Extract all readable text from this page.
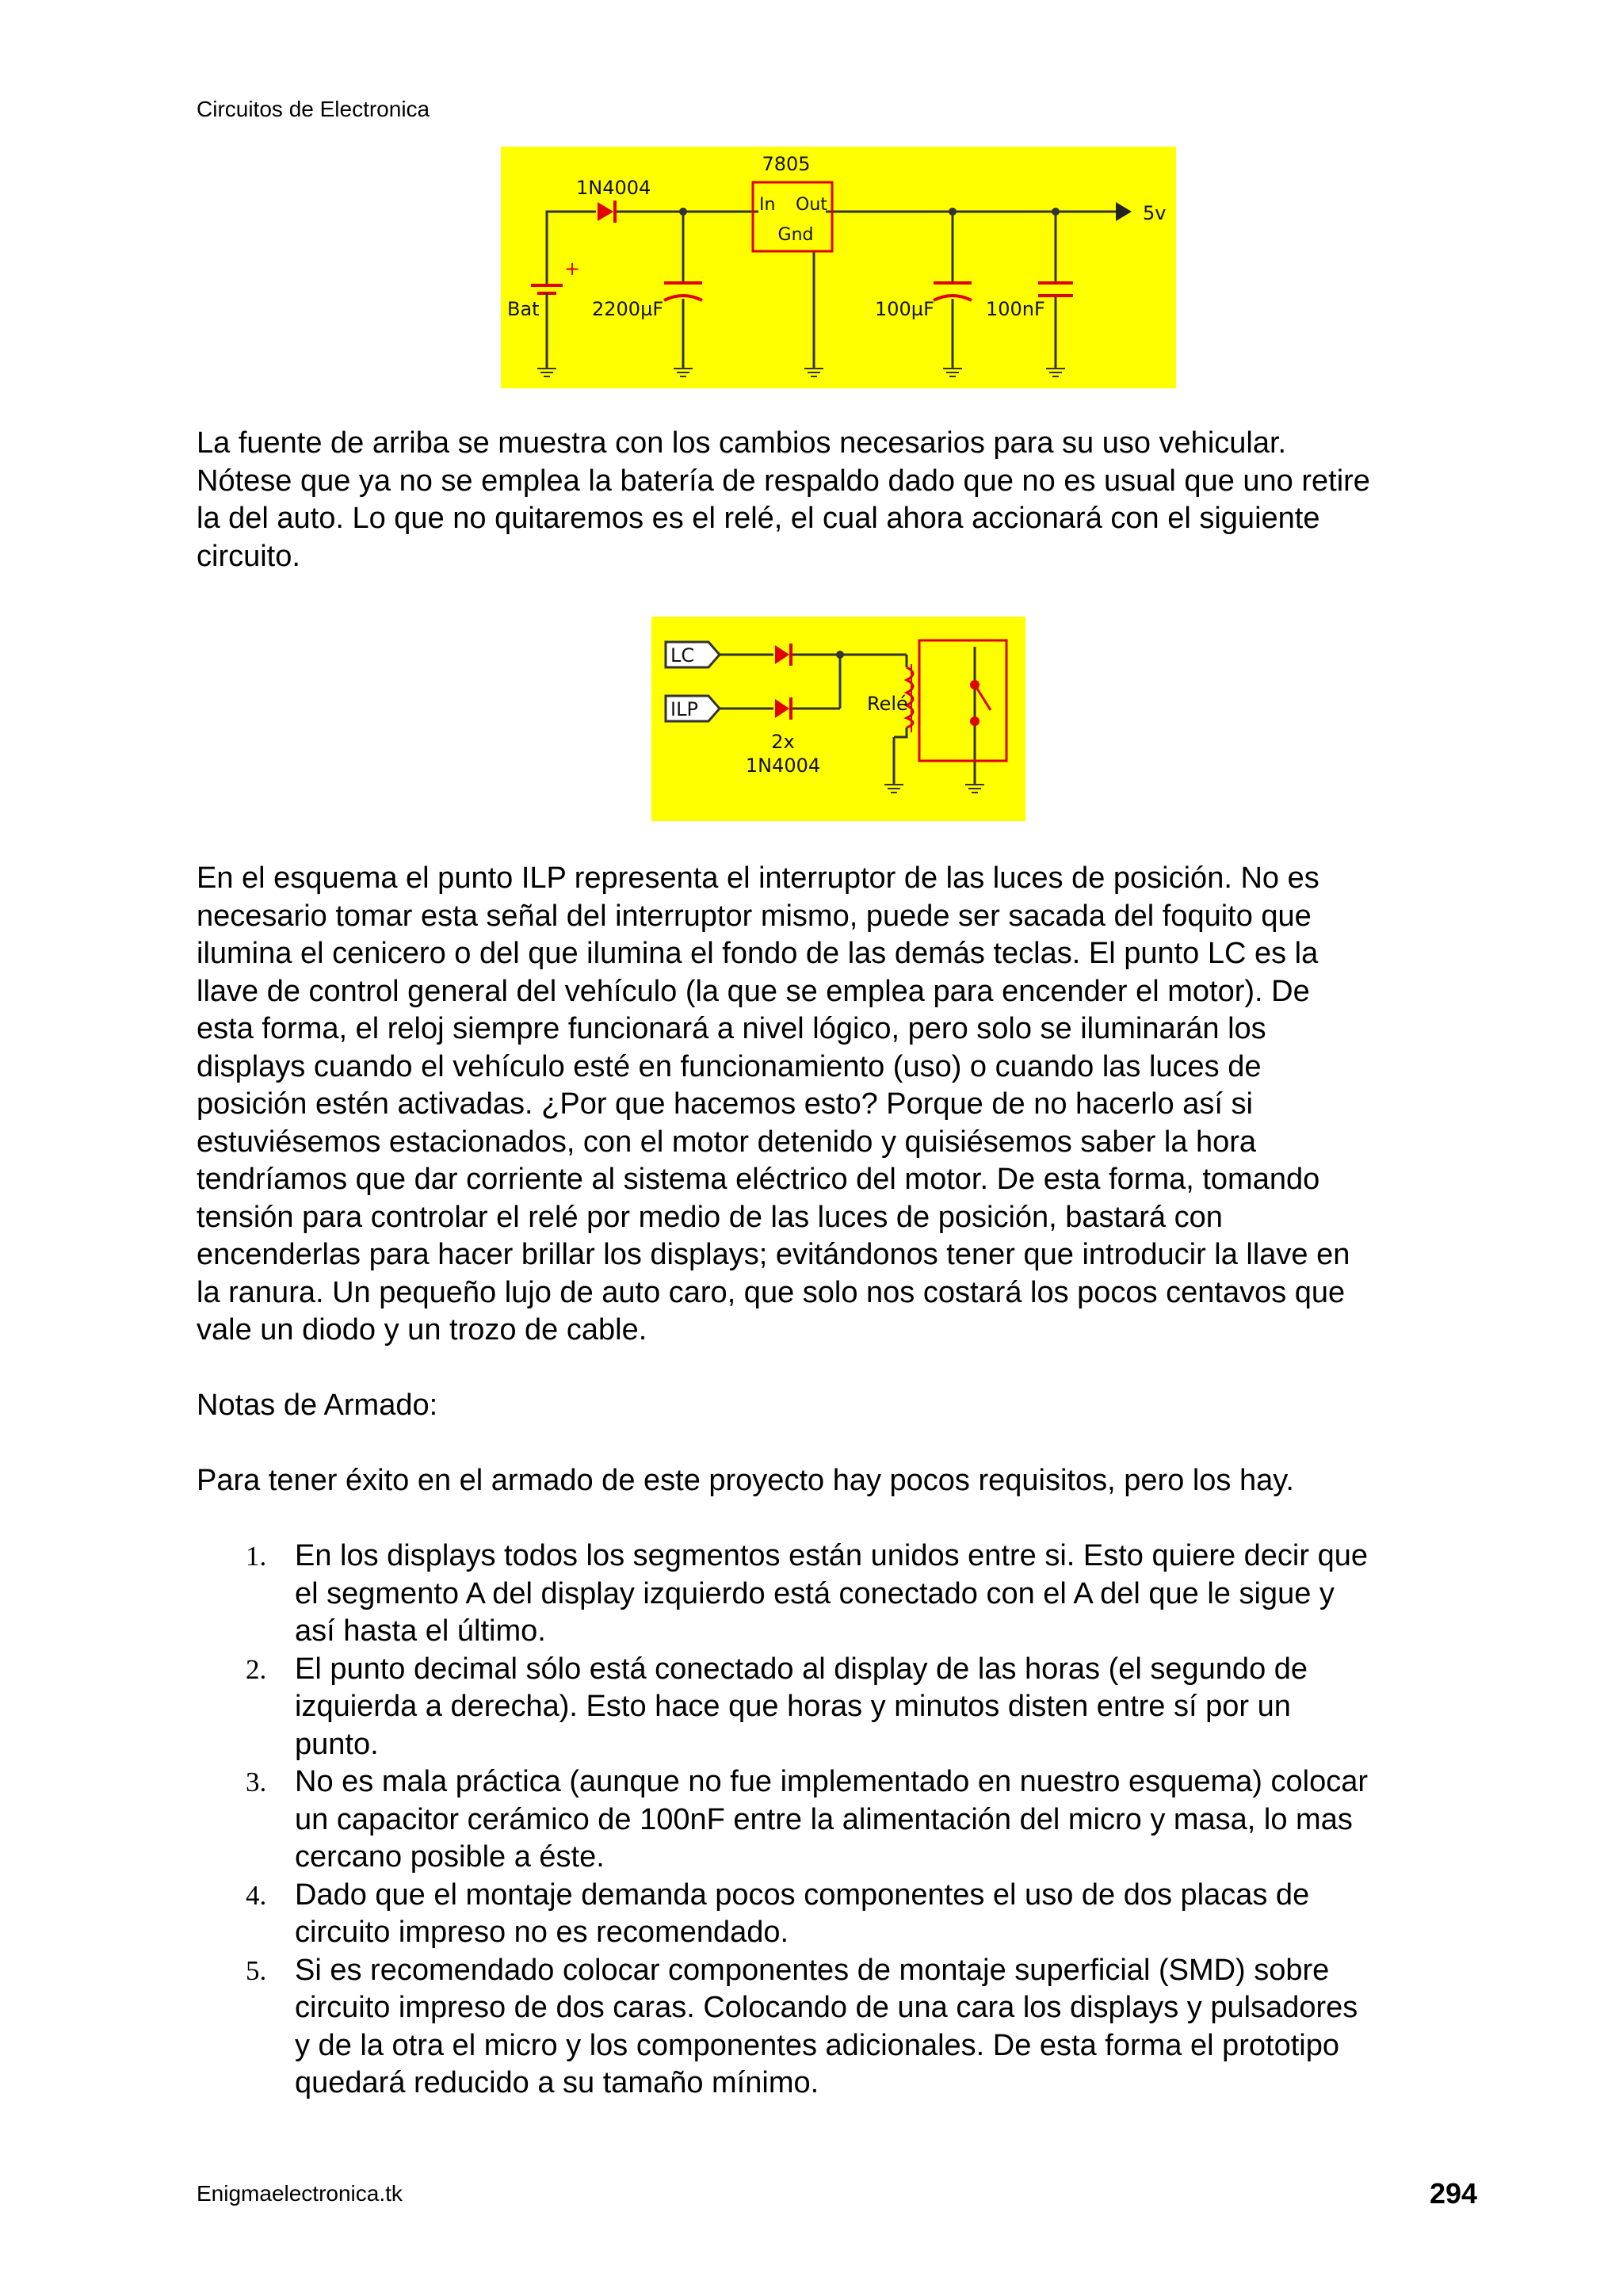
Circuitos de Electronica
7805
1N4004
In Out
Gnd
Bat
+
2200µF	100µF	100nF
5v
La fuente de arriba se muestra con los cambios necesarios para su uso vehicular.
Nótese que ya no se emplea la batería de respaldo dado que no es usual que uno retire
la del auto. Lo que no quitaremos es el relé, el cual ahora accionará con el siguiente
circuito.
LC
ILP	Relé
2x
1N4004
En el esquema el punto ILP representa el interruptor de las luces de posición. No es
necesario tomar esta señal del interruptor mismo, puede ser sacada del foquito que
ilumina el cenicero o del que ilumina el fondo de las demás teclas. El punto LC es la
llave de control general del vehículo (la que se emplea para encender el motor). De
esta forma, el reloj siempre funcionará a nivel lógico, pero solo se iluminarán los
displays cuando el vehículo esté en funcionamiento (uso) o cuando las luces de
posición estén activadas. ¿Por que hacemos esto? Porque de no hacerlo así si
estuviésemos estacionados, con el motor detenido y quisiésemos saber la hora
tendríamos que dar corriente al sistema eléctrico del motor. De esta forma, tomando
tensión para controlar el relé por medio de las luces de posición, bastará con
encenderlas para hacer brillar los displays; evitándonos tener que introducir la llave en
la ranura. Un pequeño lujo de auto caro, que solo nos costará los pocos centavos que
vale un diodo y un trozo de cable.
Notas de Armado:
Para tener éxito en el armado de este proyecto hay pocos requisitos, pero los hay.
1. En los displays todos los segmentos están unidos entre si. Esto quiere decir que
el segmento A del display izquierdo está conectado con el A del que le sigue y
así hasta el último.
2. El punto decimal sólo está conectado al display de las horas (el segundo de
izquierda a derecha). Esto hace que horas y minutos disten entre sí por un
punto.
3. No es mala práctica (aunque no fue implementado en nuestro esquema) colocar
un capacitor cerámico de 100nF entre la alimentación del micro y masa, lo mas
cercano posible a éste.
4. Dado que el montaje demanda pocos componentes el uso de dos placas de
circuito impreso no es recomendado.
5. Si es recomendado colocar componentes de montaje superficial (SMD) sobre
circuito impreso de dos caras. Colocando de una cara los displays y pulsadores
y de la otra el micro y los componentes adicionales. De esta forma el prototipo
quedará reducido a su tamaño mínimo.
Enigmaelectronica.tk	294
